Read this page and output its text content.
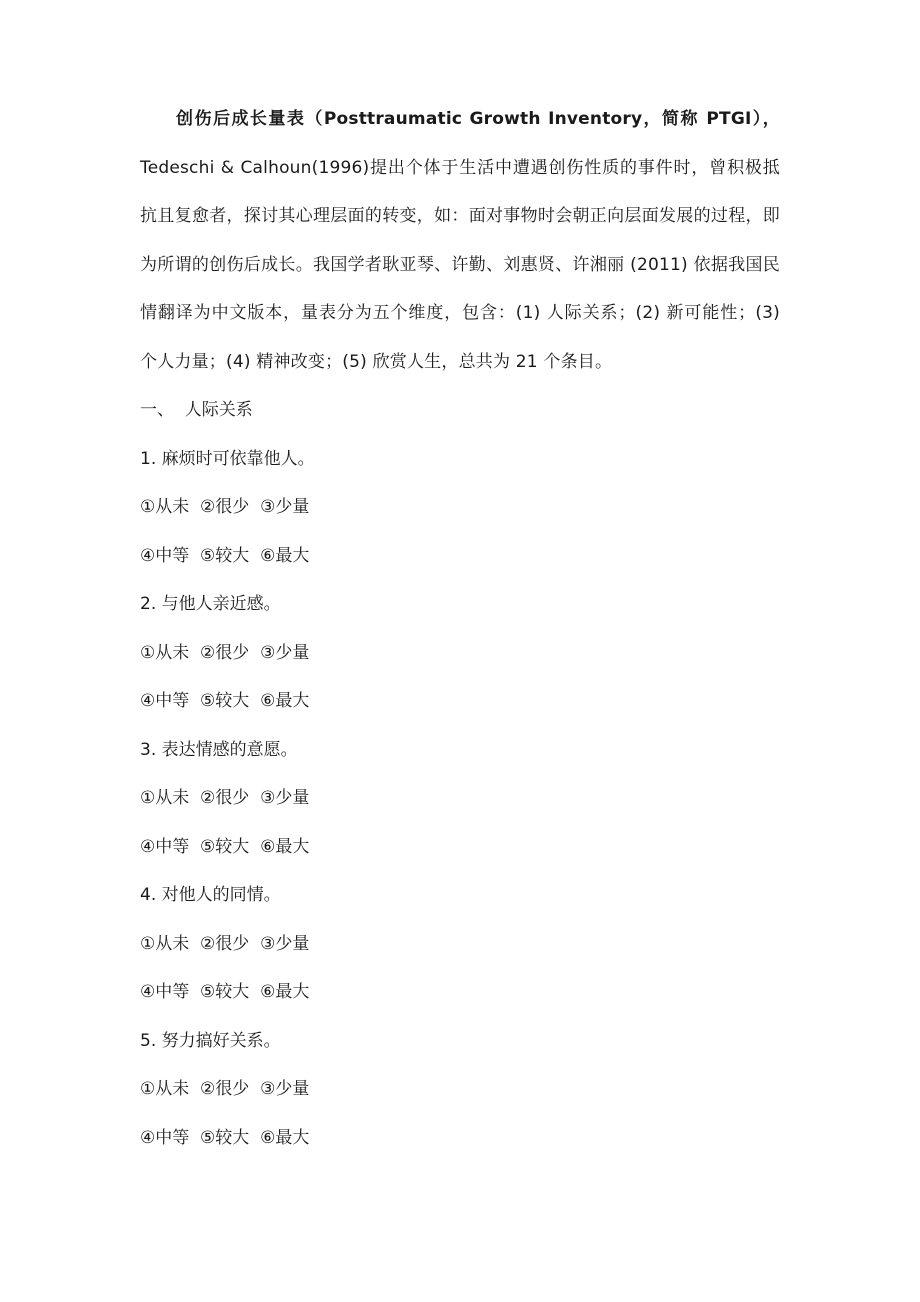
创伤后成长量表（Posttraumatic Growth Inventory，简称 PTGI），Tedeschi & Calhoun(1996)提出个体于生活中遭遇创伤性质的事件时，曾积极抵抗且复愈者，探讨其心理层面的转变，如：面对事物时会朝正向层面发展的过程，即为所谓的创伤后成长。我国学者耿亚琴、许勤、刘惠贤、许湘丽 (2011) 依据我国民情翻译为中文版本，量表分为五个维度，包含：(1) 人际关系；(2) 新可能性；(3) 个人力量；(4) 精神改变；(5) 欣赏人生，总共为 21 个条目。

一、  人际关系

1. 麻烦时可依靠他人。

①从未  ②很少  ③少量

④中等  ⑤较大  ⑥最大

2. 与他人亲近感。

①从未  ②很少  ③少量

④中等  ⑤较大  ⑥最大

3. 表达情感的意愿。

①从未  ②很少  ③少量

④中等  ⑤较大  ⑥最大

4. 对他人的同情。

①从未  ②很少  ③少量

④中等  ⑤较大  ⑥最大

5. 努力搞好关系。

①从未  ②很少  ③少量

④中等  ⑤较大  ⑥最大
